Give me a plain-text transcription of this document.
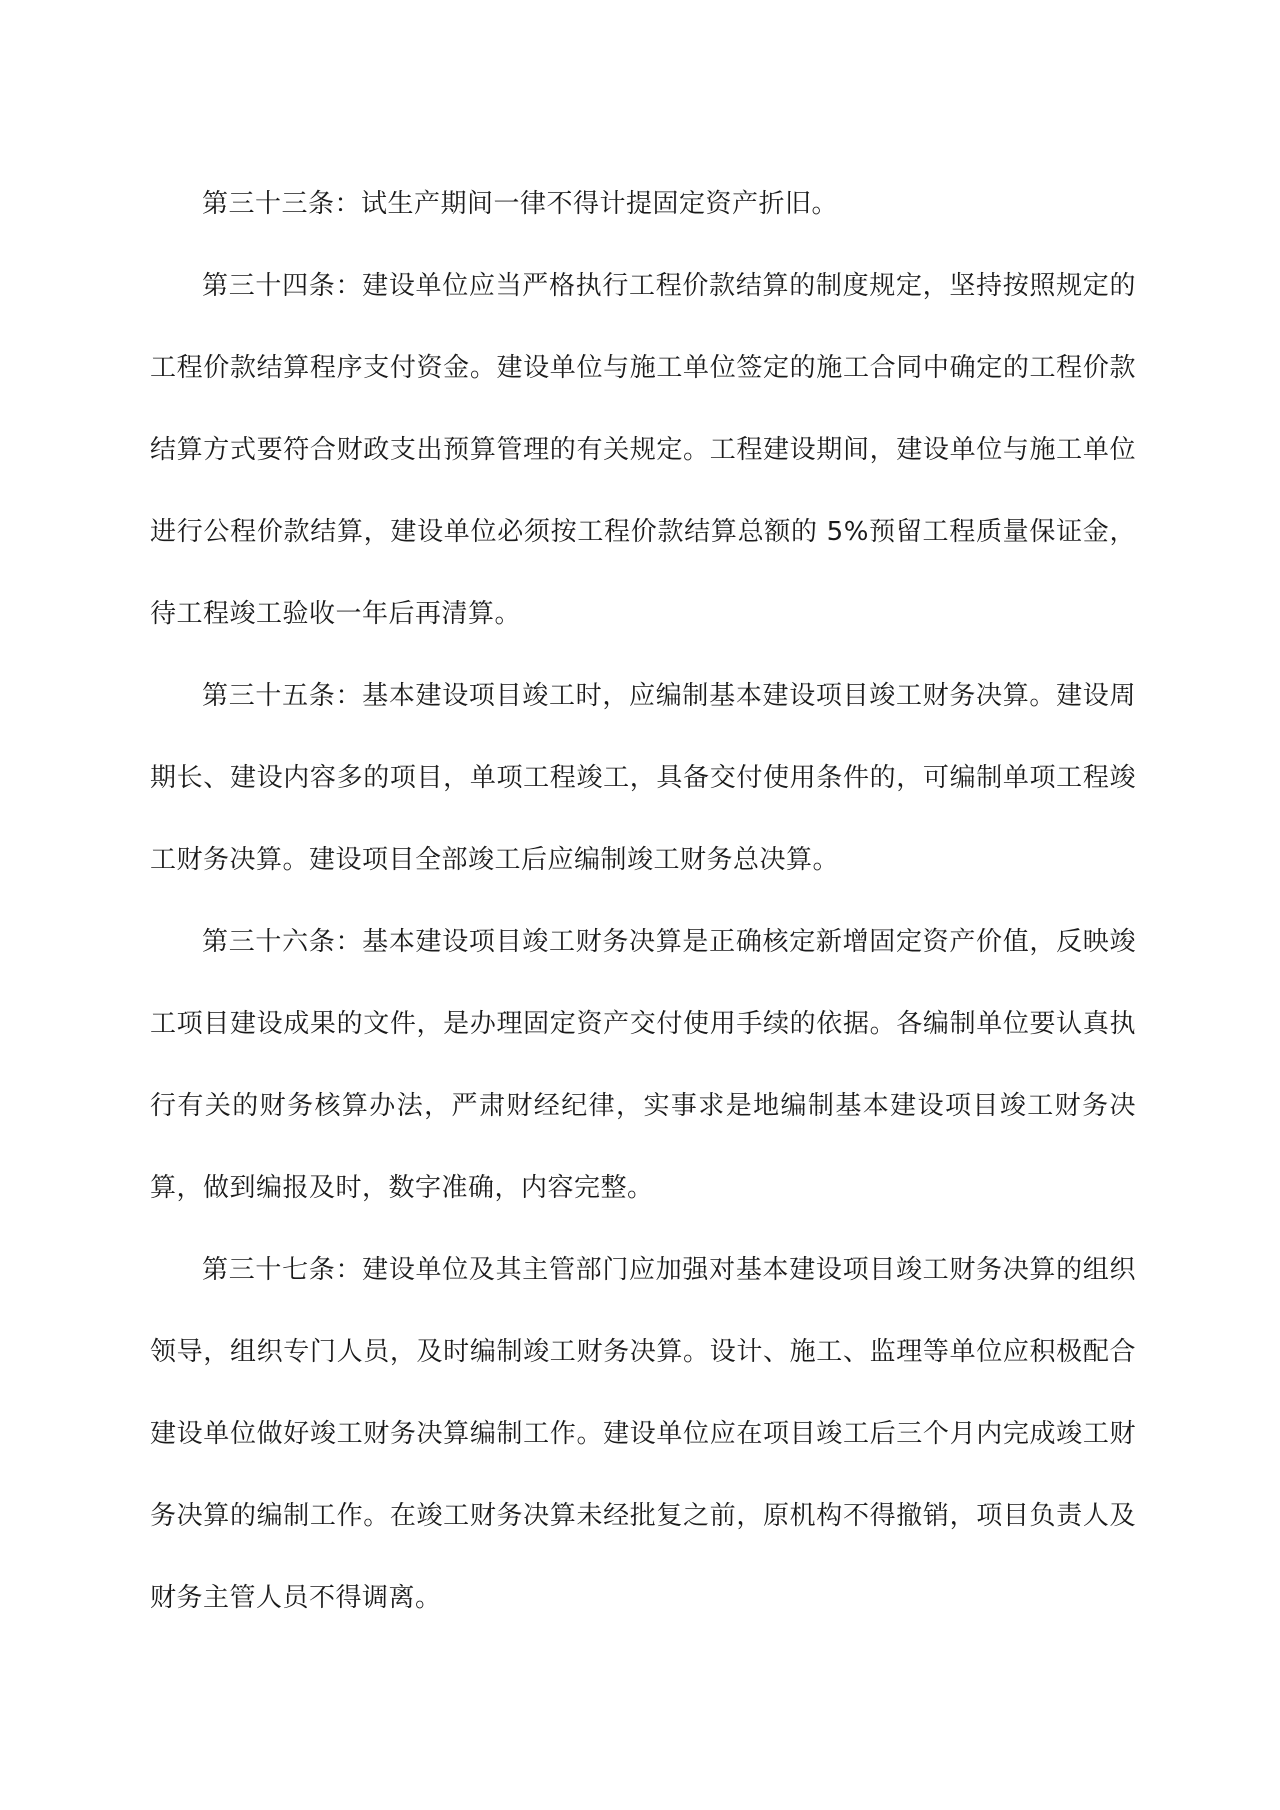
第三十三条：试生产期间一律不得计提固定资产折旧。

第三十四条：建设单位应当严格执行工程价款结算的制度规定，坚持按照规定的工程价款结算程序支付资金。建设单位与施工单位签定的施工合同中确定的工程价款结算方式要符合财政支出预算管理的有关规定。工程建设期间，建设单位与施工单位进行公程价款结算，建设单位必须按工程价款结算总额的 5%预留工程质量保证金，待工程竣工验收一年后再清算。

第三十五条：基本建设项目竣工时，应编制基本建设项目竣工财务决算。建设周期长、建设内容多的项目，单项工程竣工，具备交付使用条件的，可编制单项工程竣工财务决算。建设项目全部竣工后应编制竣工财务总决算。

第三十六条：基本建设项目竣工财务决算是正确核定新增固定资产价值，反映竣工项目建设成果的文件，是办理固定资产交付使用手续的依据。各编制单位要认真执行有关的财务核算办法，严肃财经纪律，实事求是地编制基本建设项目竣工财务决算，做到编报及时，数字准确，内容完整。

第三十七条：建设单位及其主管部门应加强对基本建设项目竣工财务决算的组织领导，组织专门人员，及时编制竣工财务决算。设计、施工、监理等单位应积极配合建设单位做好竣工财务决算编制工作。建设单位应在项目竣工后三个月内完成竣工财务决算的编制工作。在竣工财务决算未经批复之前，原机构不得撤销，项目负责人及财务主管人员不得调离。
